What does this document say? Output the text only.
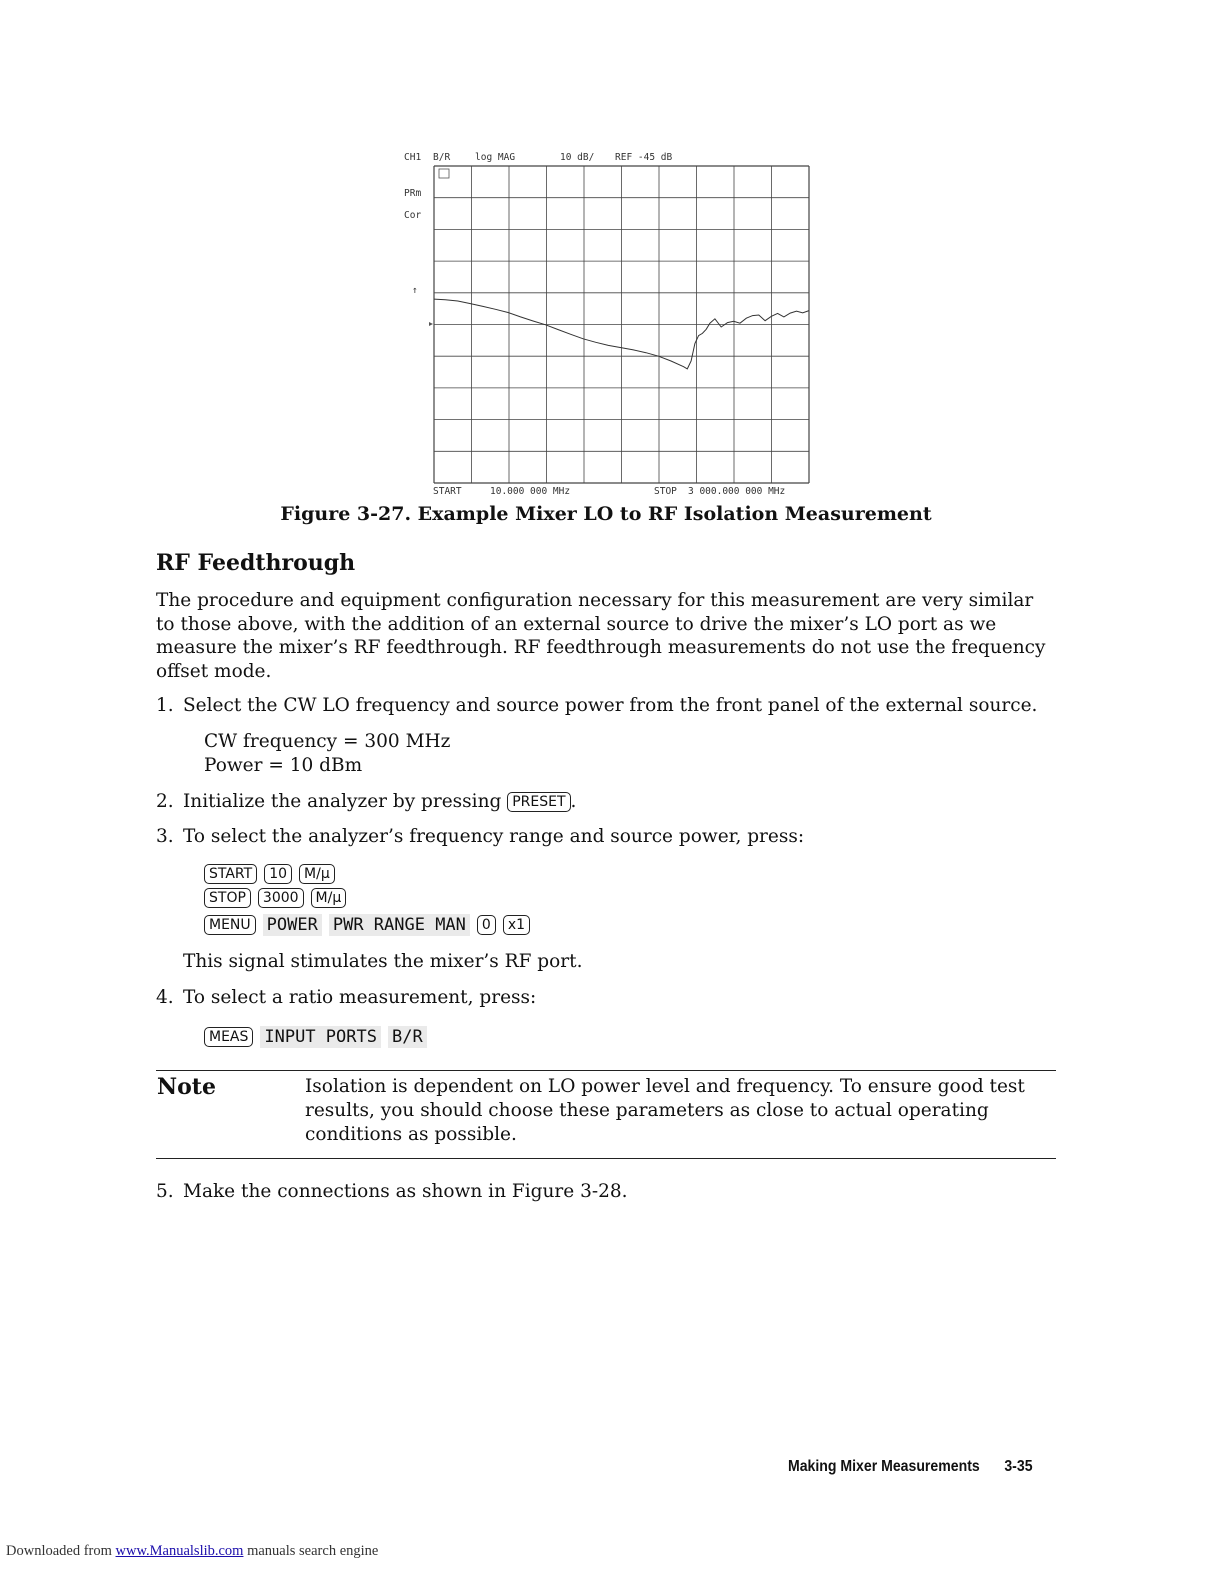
CH1 B/R	log MAG	10 dB/ REF -45 dB
PRm
Cor
↑
START	10.000 000 MHz	STOP 3 000.000 000 MHz
Figure 3-27. Example Mixer LO to RF Isolation Measurement
RF Feedthrough
The procedure and equipment configuration necessary for this measurement are very similar to those above, with the addition of an external source to drive the mixer’s LO port as we measure the mixer’s RF feedthrough. RF feedthrough measurements do not use the frequency offset mode.
1. Select the CW LO frequency and source power from the front panel of the external source.
CW frequency = 300 MHz
Power = 10 dBm
2. Initialize the analyzer by pressing PRESET .
3. To select the analyzer’s frequency range and source power, press:
START 10 M/μ
STOP 3000 M/μ
MENU POWER PWR RANGE MAN 0 x1
This signal stimulates the mixer’s RF port.
4. To select a ratio measurement, press:
MEAS INPUT PORTS B/R
Note	Isolation is dependent on LO power level and frequency. To ensure good test results, you should choose these parameters as close to actual operating conditions as possible.
5. Make the connections as shown in Figure 3-28.
Making Mixer Measurements 3-35
Downloaded from www.Manualslib.com manuals search engine
